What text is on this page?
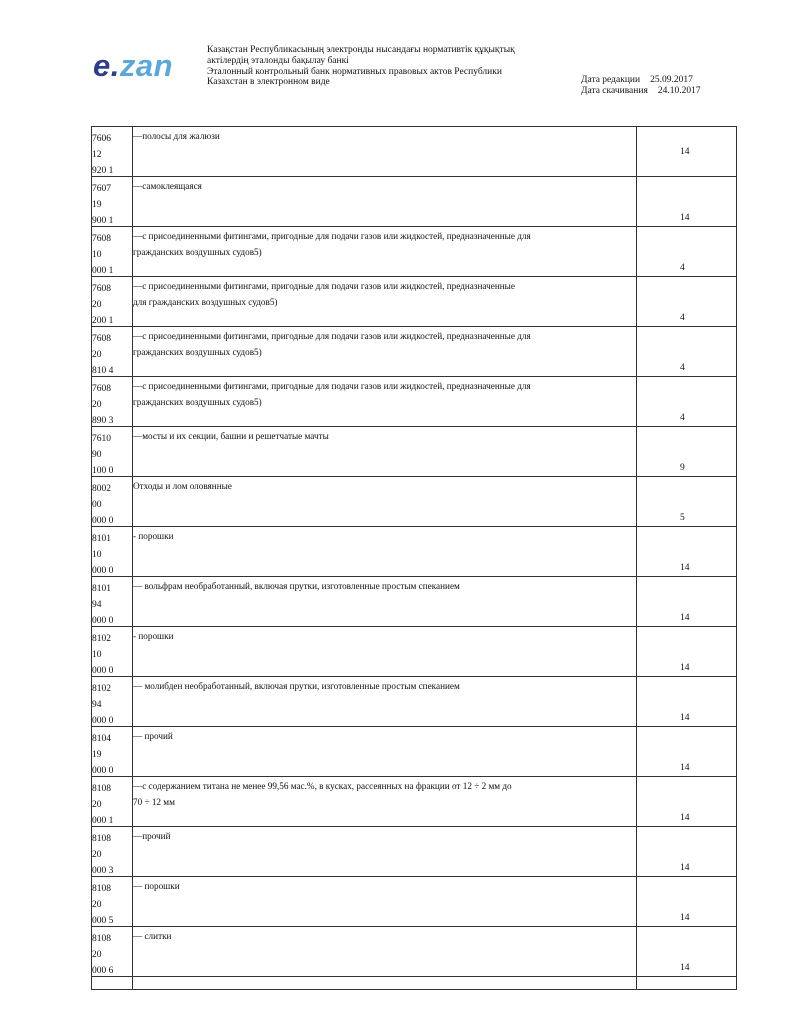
e.zan	Казақстан Республикасының электронды нысандағы нормативтік құқықтық
актілердің эталонды бақылау банкі
Эталонный контрольный банк нормативных правовых актов Республики
Казахстан в электронном виде	Дата редакции 25.09.2017
Дата скачивания 24.10.2017
7606
12
920 1
—полосы для жалюзи
14
7607
19
900 1
—самоклеящаяся
14
7608
10
000 1
—с присоединенными фитингами, пригодные для подачи газов или жидкостей, предназначенные для
гражданских воздушных судов5)
4
7608
20
200 1
—с присоединенными фитингами, пригодные для подачи газов или жидкостей, предназначенные
для гражданских воздушных судов5)
4
7608
20
810 4
—с присоединенными фитингами, пригодные для подачи газов или жидкостей, предназначенные для
гражданских воздушных судов5)
4
7608
20
890 3
—с присоединенными фитингами, пригодные для подачи газов или жидкостей, предназначенные для
гражданских воздушных судов5)
4
7610
90
100 0
—мосты и их секции, башни и решетчатые мачты
9
8002
00
000 0
Отходы и лом оловянные
5
8101
10
000 0
- порошки
14
8101
94
000 0
— вольфрам необработанный, включая прутки, изготовленные простым спеканием
14
8102
10
000 0
- порошки
14
8102
94
000 0
— молибден необработанный, включая прутки, изготовленные простым спеканием
14
8104
19
000 0
— прочий
14
8108
20
000 1
—с содержанием титана не менее 99,56 мас.%, в кусках, рассеянных на фракции от 12 ÷ 2 мм до
70 ÷ 12 мм
14
8108
20
000 3
—прочий
14
8108
20
000 5
— порошки
14
8108
20
000 6
— слитки
14
